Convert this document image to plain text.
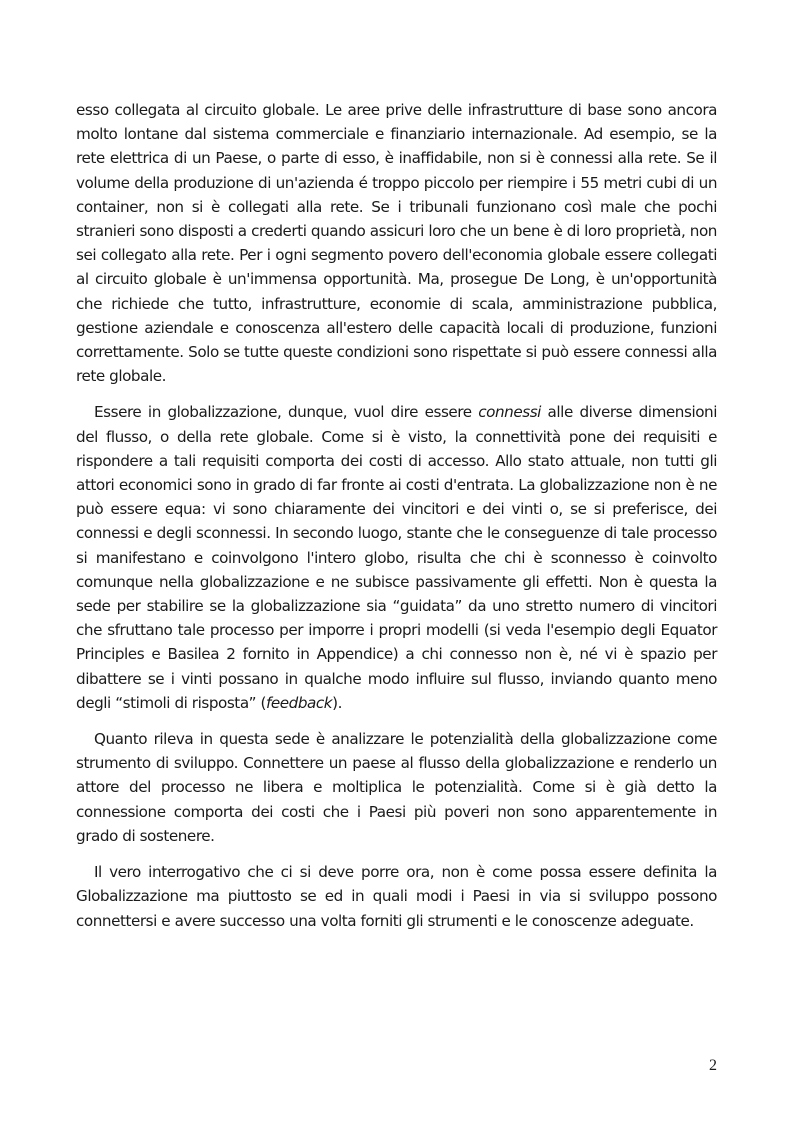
esso collegata al circuito globale. Le aree prive delle infrastrutture di base sono ancora molto lontane dal sistema commerciale e finanziario internazionale. Ad esempio, se la rete elettrica di un Paese, o parte di esso, è inaffidabile, non si è connessi alla rete. Se il volume della produzione di un'azienda é troppo piccolo per riempire i 55 metri cubi di un container, non si è collegati alla rete. Se i tribunali funzionano così male che pochi stranieri sono disposti a crederti quando assicuri loro che un bene è di loro proprietà, non sei collegato alla rete. Per i ogni segmento povero dell'economia globale essere collegati al circuito globale è un'immensa opportunità. Ma, prosegue De Long, è un'opportunità che richiede che tutto, infrastrutture, economie di scala, amministrazione pubblica, gestione aziendale e conoscenza all'estero delle capacità locali di produzione, funzioni correttamente. Solo se tutte queste condizioni sono rispettate si può essere connessi alla rete globale.

Essere in globalizzazione, dunque, vuol dire essere connessi alle diverse dimensioni del flusso, o della rete globale. Come si è visto, la connettività pone dei requisiti e rispondere a tali requisiti comporta dei costi di accesso. Allo stato attuale, non tutti gli attori economici sono in grado di far fronte ai costi d'entrata. La globalizzazione non è ne può essere equa: vi sono chiaramente dei vincitori e dei vinti o, se si preferisce, dei connessi e degli sconnessi. In secondo luogo, stante che le conseguenze di tale processo si manifestano e coinvolgono l'intero globo, risulta che chi è sconnesso è coinvolto comunque nella globalizzazione e ne subisce passivamente gli effetti. Non è questa la sede per stabilire se la globalizzazione sia “guidata” da uno stretto numero di vincitori che sfruttano tale processo per imporre i propri modelli (si veda l'esempio degli Equator Principles e Basilea 2 fornito in Appendice) a chi connesso non è, né vi è spazio per dibattere se i vinti possano in qualche modo influire sul flusso, inviando quanto meno degli “stimoli di risposta” (feedback).

Quanto rileva in questa sede è analizzare le potenzialità della globalizzazione come strumento di sviluppo. Connettere un paese al flusso della globalizzazione e renderlo un attore del processo ne libera e moltiplica le potenzialità. Come si è già detto la connessione comporta dei costi che i Paesi più poveri non sono apparentemente in grado di sostenere.

Il vero interrogativo che ci si deve porre ora, non è come possa essere definita la Globalizzazione ma piuttosto se ed in quali modi i Paesi in via si sviluppo possono connettersi e avere successo una volta forniti gli strumenti e le conoscenze adeguate.

2
